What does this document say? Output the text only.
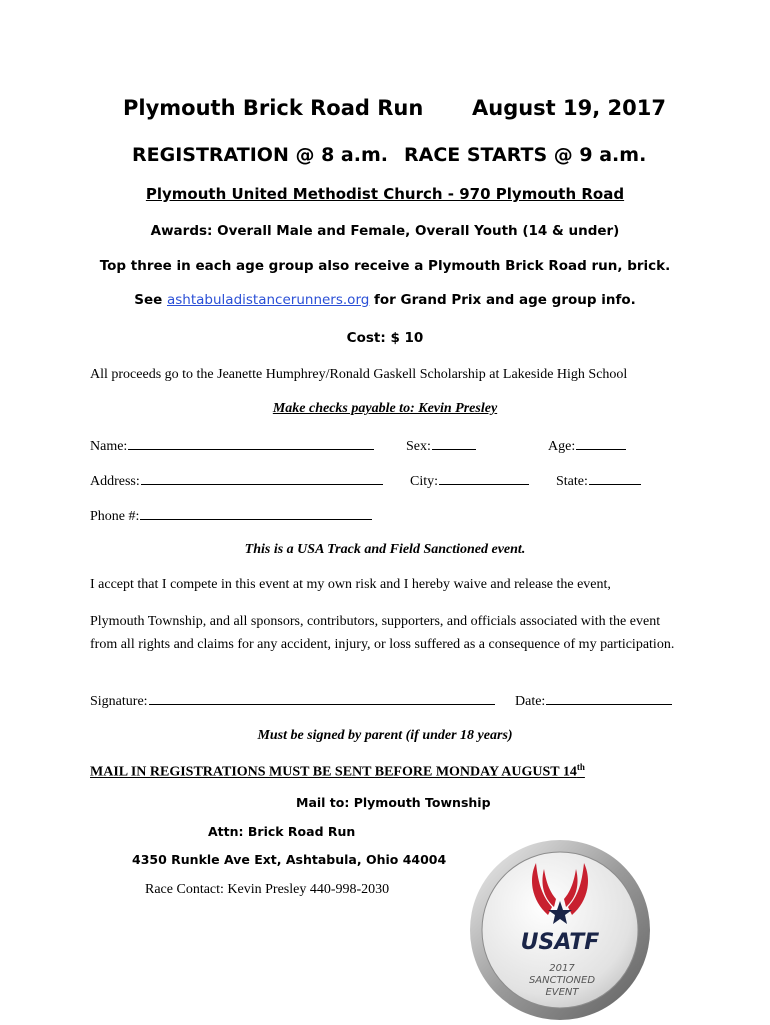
Plymouth Brick Road Run August 19, 2017
REGISTRATION @ 8 a.m. RACE STARTS @ 9 a.m.
Plymouth United Methodist Church - 970 Plymouth Road
Awards: Overall Male and Female, Overall Youth (14 & under)
Top three in each age group also receive a Plymouth Brick Road run, brick.
See ashtabuladistancerunners.org for Grand Prix and age group info.
Cost: $ 10
All proceeds go to the Jeanette Humphrey/Ronald Gaskell Scholarship at Lakeside High School
Make checks payable to: Kevin Presley
Name:	Sex:	Age:
Address:	City:	State:
Phone #:
This is a USA Track and Field Sanctioned event.
I accept that I compete in this event at my own risk and I hereby waive and release the event,
Plymouth Township, and all sponsors, contributors, supporters, and officials associated with the event from all rights and claims for any accident, injury, or loss suffered as a consequence of my participation.
Signature:	Date:
Must be signed by parent (if under 18 years)
MAIL IN REGISTRATIONS MUST BE SENT BEFORE MONDAY AUGUST 14th
Mail to: Plymouth Township
Attn: Brick Road Run
4350 Runkle Ave Ext, Ashtabula, Ohio 44004
Race Contact: Kevin Presley 440-998-2030
USATF
2017
SANCTIONED
EVENT
